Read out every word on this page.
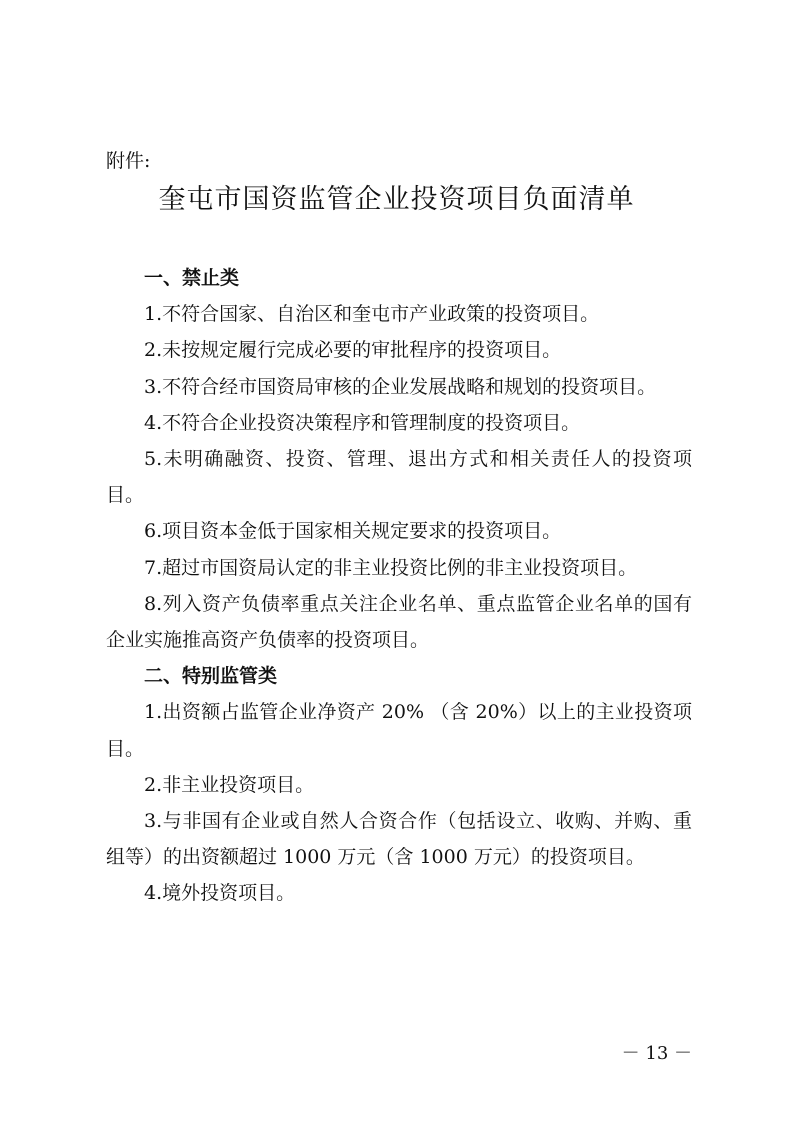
附件:
奎屯市国资监管企业投资项目负面清单

一、禁止类

1.不符合国家、自治区和奎屯市产业政策的投资项目。

2.未按规定履行完成必要的审批程序的投资项目。

3.不符合经市国资局审核的企业发展战略和规划的投资项目。

4.不符合企业投资决策程序和管理制度的投资项目。

5.未明确融资、投资、管理、退出方式和相关责任人的投资项目。

6.项目资本金低于国家相关规定要求的投资项目。

7.超过市国资局认定的非主业投资比例的非主业投资项目。

8.列入资产负债率重点关注企业名单、重点监管企业名单的国有企业实施推高资产负债率的投资项目。

二、特别监管类

1.出资额占监管企业净资产 20% （含 20%）以上的主业投资项目。

2.非主业投资项目。

3.与非国有企业或自然人合资合作（包括设立、收购、并购、重组等）的出资额超过 1000 万元（含 1000 万元）的投资项目。

4.境外投资项目。

－ 13 －
